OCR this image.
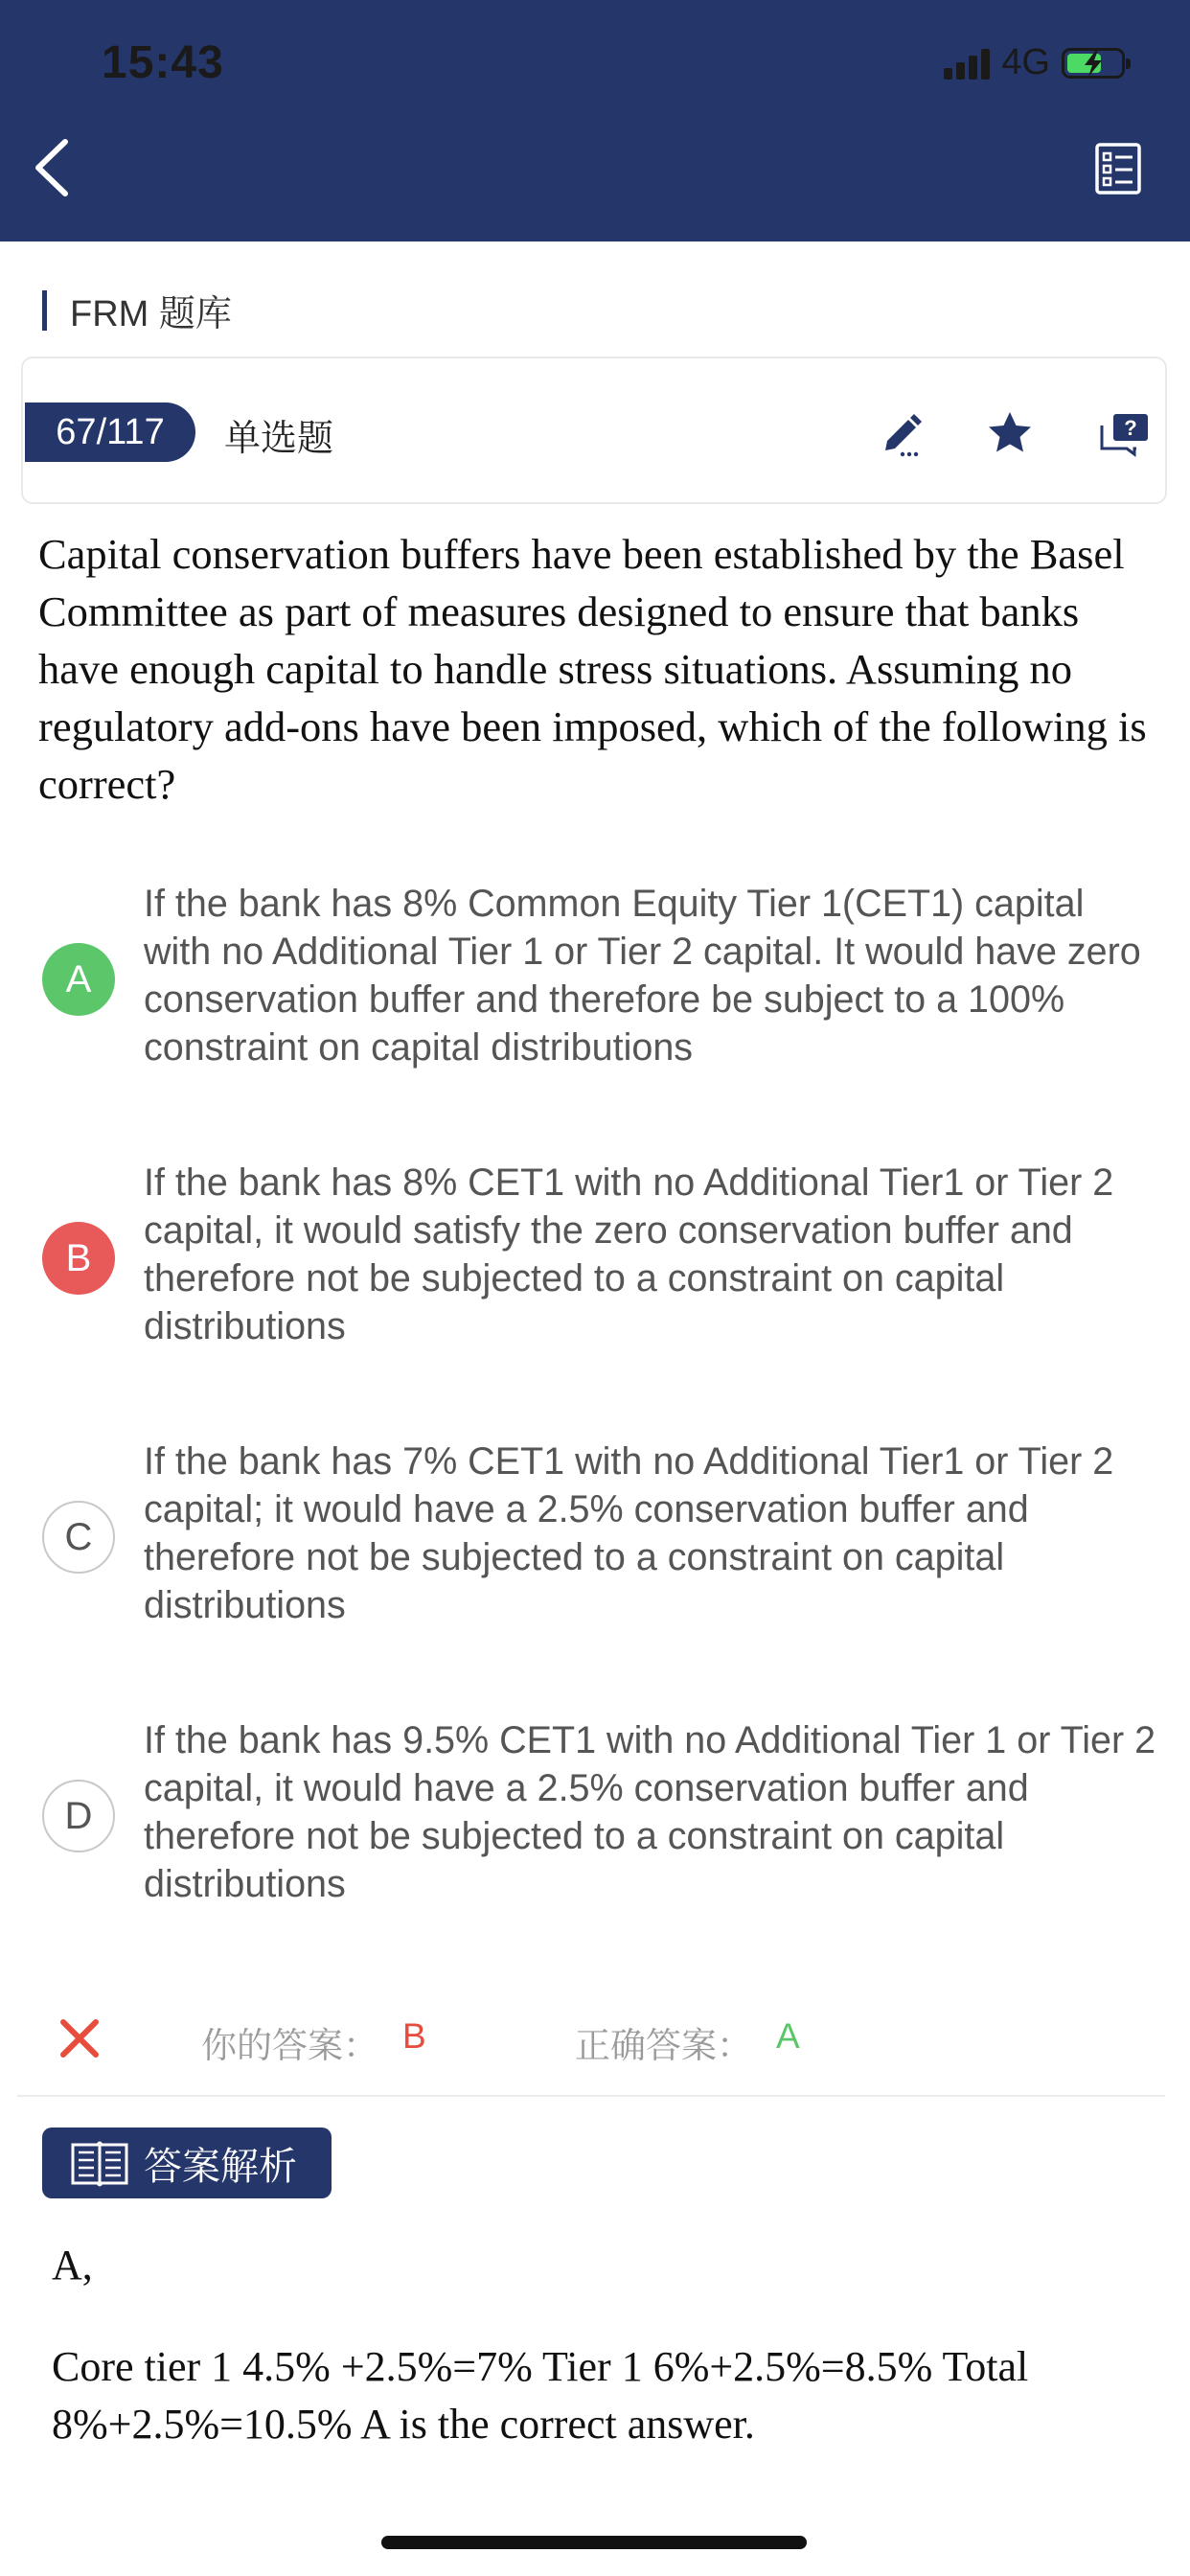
15:43	4G
FRM 题库
67/117	单选题	?
Capital conservation buffers have been established by the Basel Committee as part of measures designed to ensure that banks have enough capital to handle stress situations. Assuming no regulatory add-ons have been imposed, which of the following is correct?
A
If the bank has 8% Common Equity Tier 1(CET1) capital with no Additional Tier 1 or Tier 2 capital. It would have zero conservation buffer and therefore be subject to a 100% constraint on capital distributions
B
If the bank has 8% CET1 with no Additional Tier1 or Tier 2 capital, it would satisfy the zero conservation buffer and therefore not be subjected to a constraint on capital distributions
C
If the bank has 7% CET1 with no Additional Tier1 or Tier 2 capital; it would have a 2.5% conservation buffer and therefore not be subjected to a constraint on capital distributions
D
If the bank has 9.5% CET1 with no Additional Tier 1 or Tier 2 capital, it would have a 2.5% conservation buffer and therefore not be subjected to a constraint on capital distributions
你的答案： B	正确答案： A
答案解析
A,
Core tier 1 4.5% +2.5%=7% Tier 1 6%+2.5%=8.5% Total 8%+2.5%=10.5% A is the correct answer.
